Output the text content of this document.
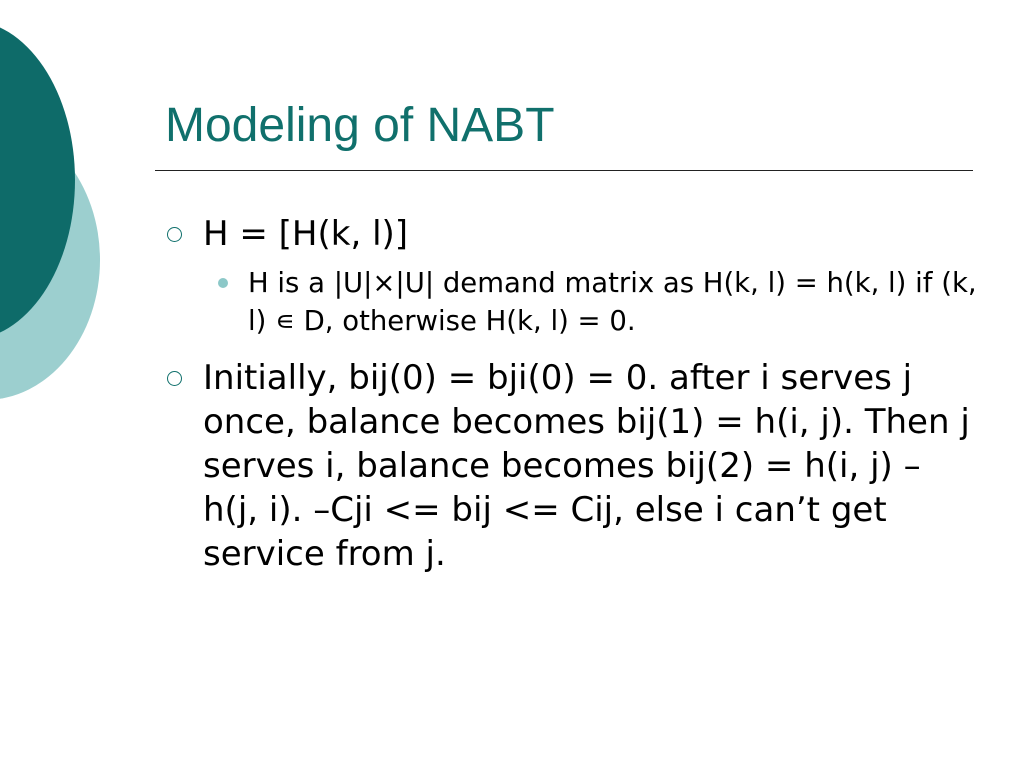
Modeling of NABT
H = [H(k, l)]
H is a |U|×|U| demand matrix as H(k, l) = h(k, l) if (k, l) ∊ D, otherwise H(k, l) = 0.
Initially, bij(0) = bji(0) = 0. after i serves j once, balance becomes bij(1) = h(i, j). Then j serves i, balance becomes bij(2) = h(i, j) – h(j, i). –Cji <= bij <= Cij, else i can’t get service from j.
